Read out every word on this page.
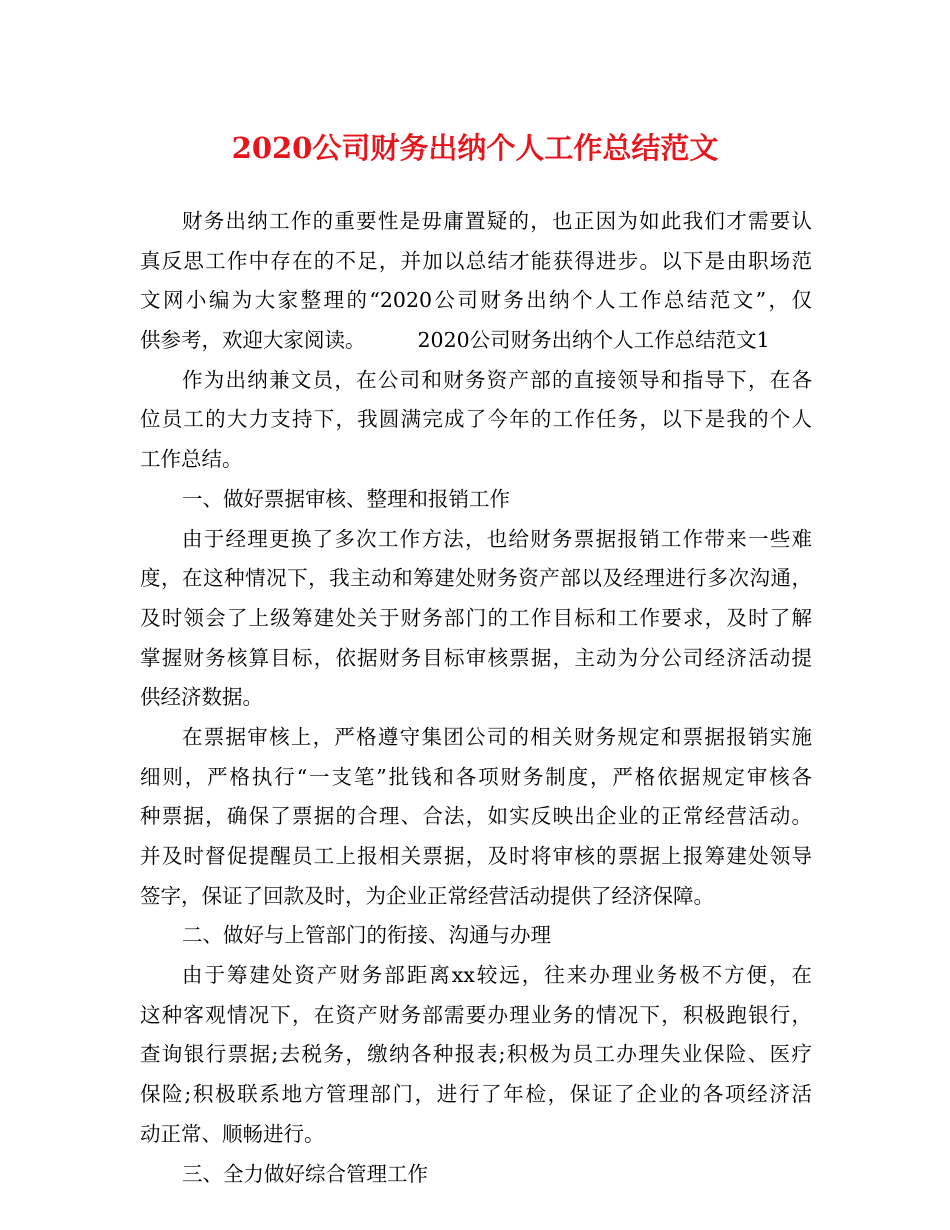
2020公司财务出纳个人工作总结范文
财务出纳工作的重要性是毋庸置疑的，也正因为如此我们才需要认
真反思工作中存在的不足，并加以总结才能获得进步。以下是由职场范
文网小编为大家整理的“2020公司财务出纳个人工作总结范文”，仅
供参考，欢迎大家阅读。	2020公司财务出纳个人工作总结范文1
作为出纳兼文员，在公司和财务资产部的直接领导和指导下，在各
位员工的大力支持下，我圆满完成了今年的工作任务，以下是我的个人
工作总结。
一、做好票据审核、整理和报销工作
由于经理更换了多次工作方法，也给财务票据报销工作带来一些难
度，在这种情况下，我主动和筹建处财务资产部以及经理进行多次沟通，
及时领会了上级筹建处关于财务部门的工作目标和工作要求，及时了解
掌握财务核算目标，依据财务目标审核票据，主动为分公司经济活动提
供经济数据。
在票据审核上，严格遵守集团公司的相关财务规定和票据报销实施
细则，严格执行“一支笔”批钱和各项财务制度，严格依据规定审核各
种票据，确保了票据的合理、合法，如实反映出企业的正常经营活动。
并及时督促提醒员工上报相关票据，及时将审核的票据上报筹建处领导
签字，保证了回款及时，为企业正常经营活动提供了经济保障。
二、做好与上管部门的衔接、沟通与办理
由于筹建处资产财务部距离xx较远，往来办理业务极不方便，在
这种客观情况下，在资产财务部需要办理业务的情况下，积极跑银行，
查询银行票据;去税务，缴纳各种报表;积极为员工办理失业保险、医疗
保险;积极联系地方管理部门，进行了年检，保证了企业的各项经济活
动正常、顺畅进行。
三、全力做好综合管理工作
